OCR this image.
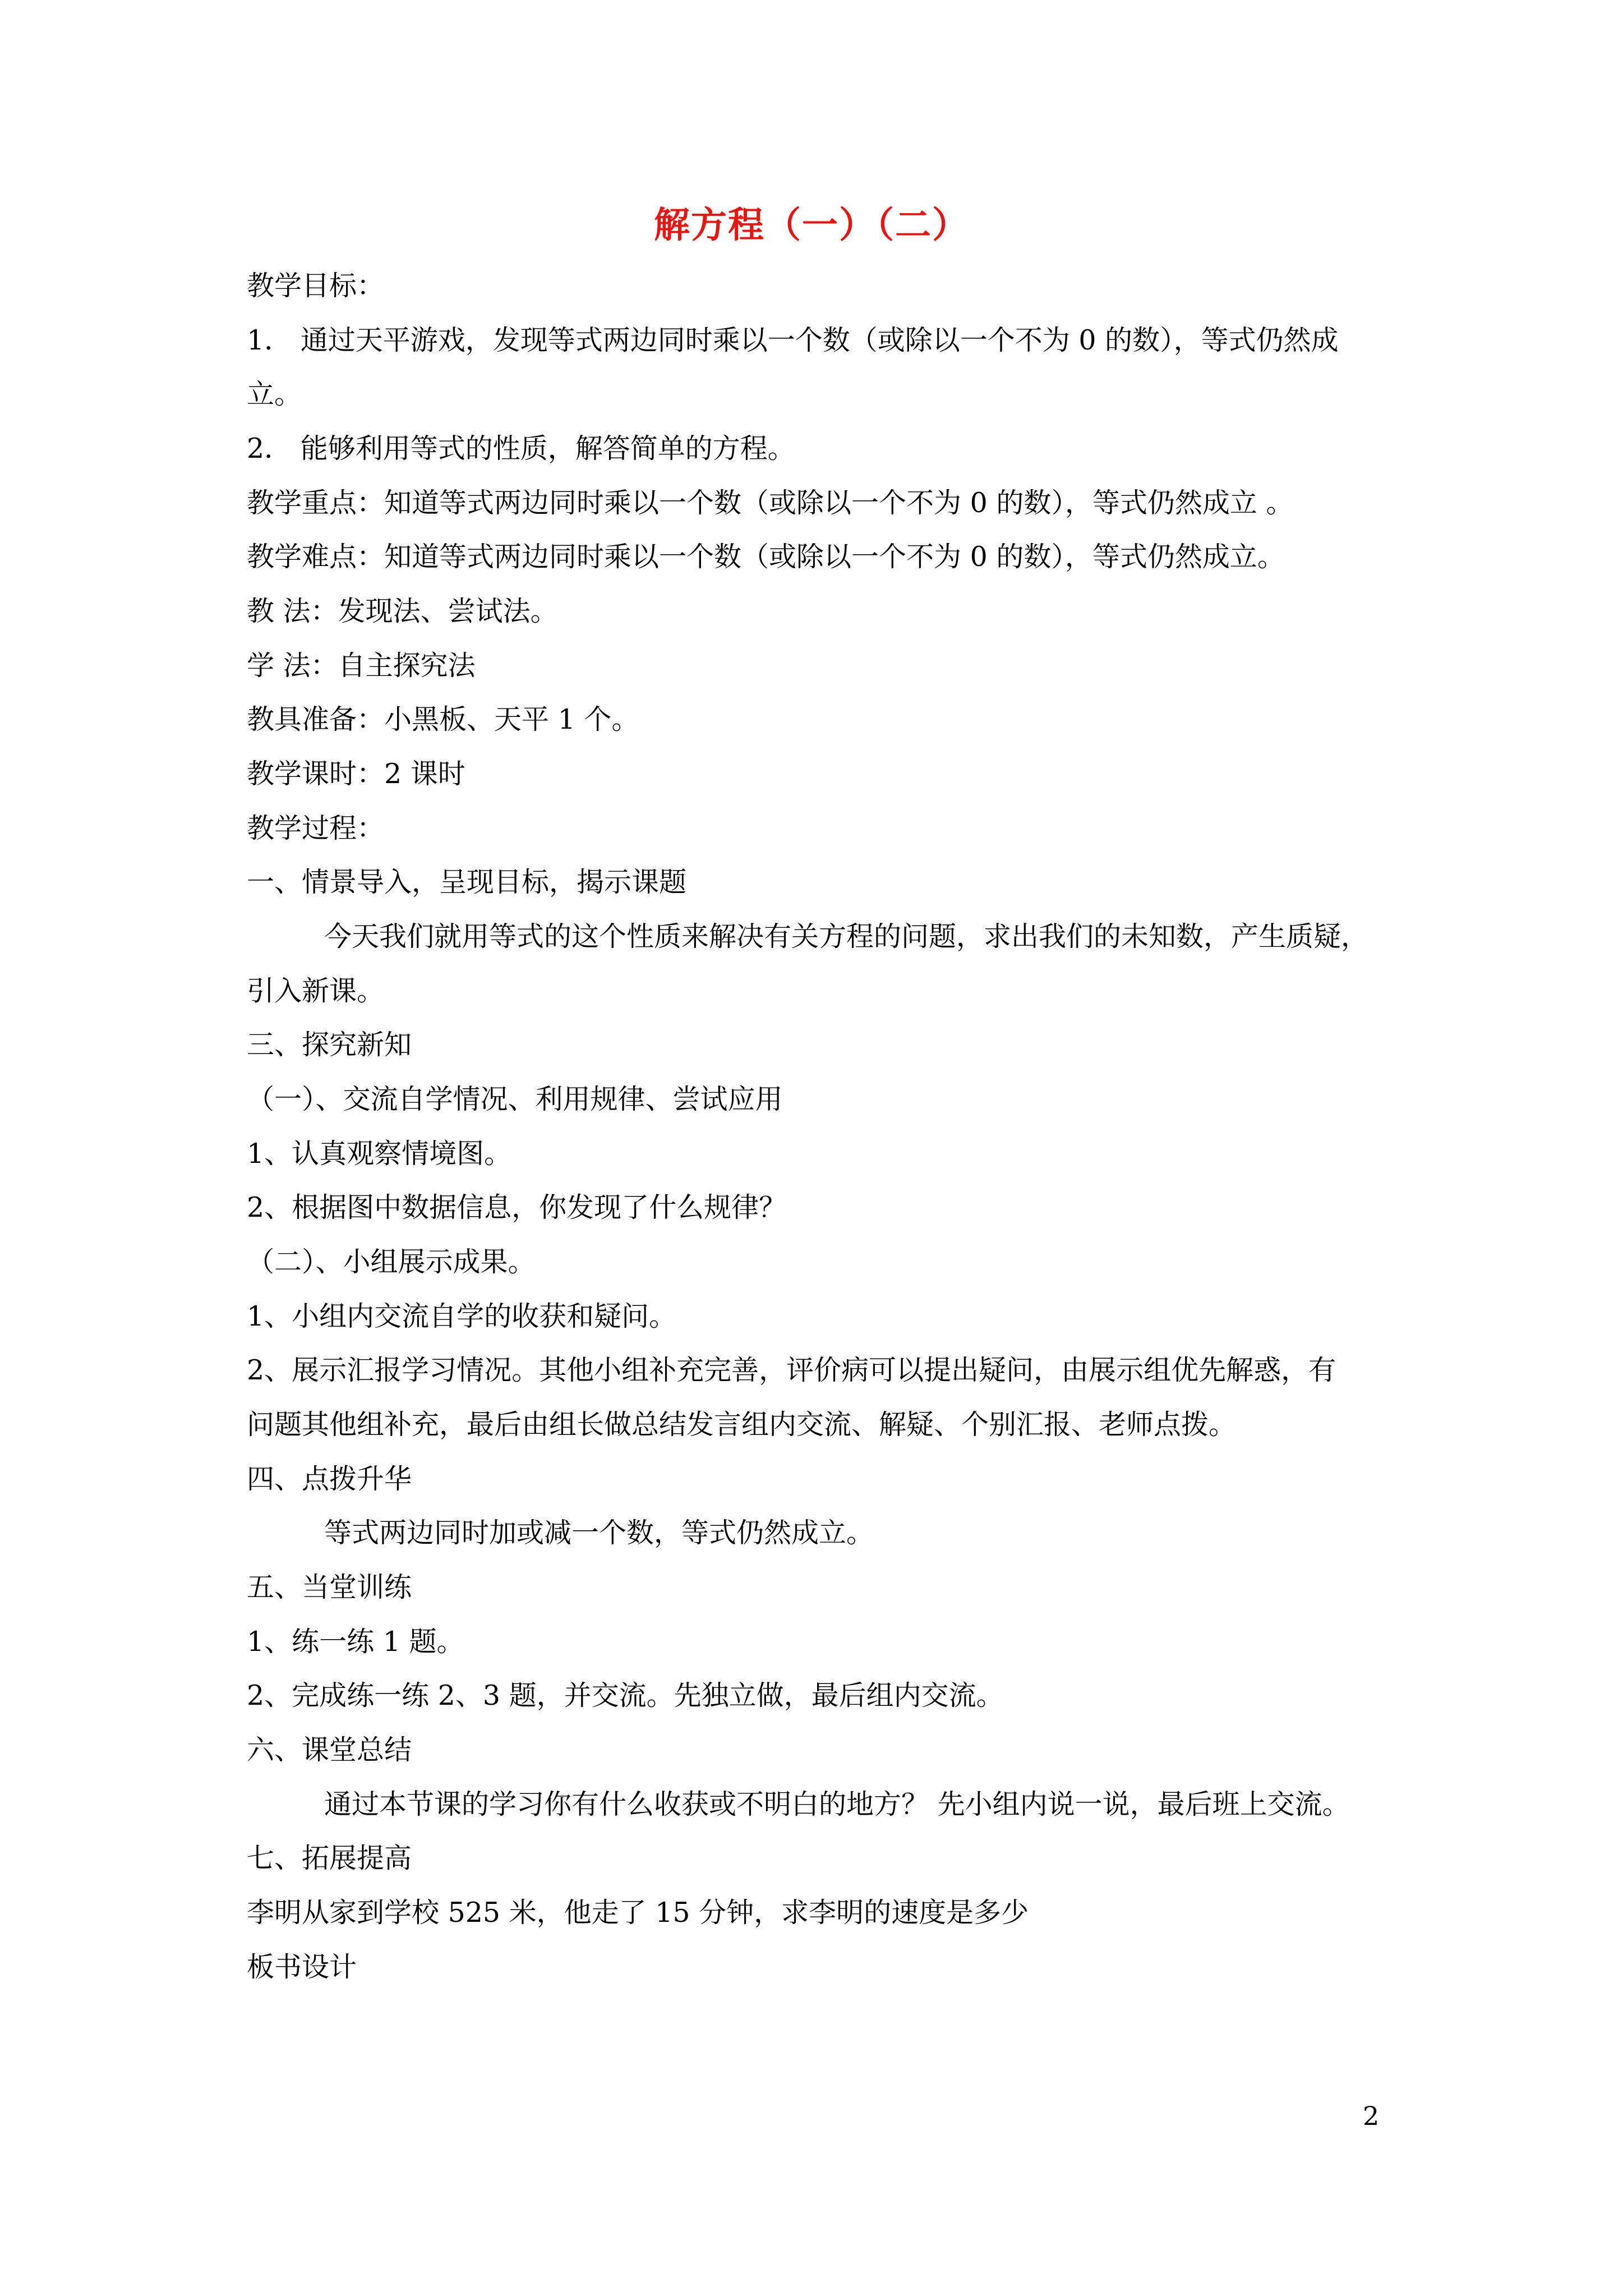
解方程（一）（二）
教学目标：
1． 通过天平游戏，发现等式两边同时乘以一个数（或除以一个不为 0 的数），等式仍然成
立。
2． 能够利用等式的性质，解答简单的方程。
教学重点：知道等式两边同时乘以一个数（或除以一个不为 0 的数），等式仍然成立 。
教学难点：知道等式两边同时乘以一个数（或除以一个不为 0 的数），等式仍然成立。
教 法：发现法、尝试法。
学 法：自主探究法
教具准备：小黑板、天平 1 个。
教学课时：2 课时
教学过程：
一、情景导入，呈现目标，揭示课题
今天我们就用等式的这个性质来解决有关方程的问题，求出我们的未知数，产生质疑，
引入新课。
三、探究新知
（一）、交流自学情况、利用规律、尝试应用
1、认真观察情境图。
2、根据图中数据信息，你发现了什么规律？
（二）、小组展示成果。
1、小组内交流自学的收获和疑问。
2、展示汇报学习情况。其他小组补充完善，评价病可以提出疑问，由展示组优先解惑，有
问题其他组补充，最后由组长做总结发言组内交流、解疑、个别汇报、老师点拨。
四、点拨升华
等式两边同时加或减一个数，等式仍然成立。
五、当堂训练
1、练一练 1 题。
2、完成练一练 2、3 题，并交流。先独立做，最后组内交流。
六、课堂总结
通过本节课的学习你有什么收获或不明白的地方？ 先小组内说一说，最后班上交流。
七、拓展提高
李明从家到学校 525 米，他走了 15 分钟，求李明的速度是多少
板书设计
2
